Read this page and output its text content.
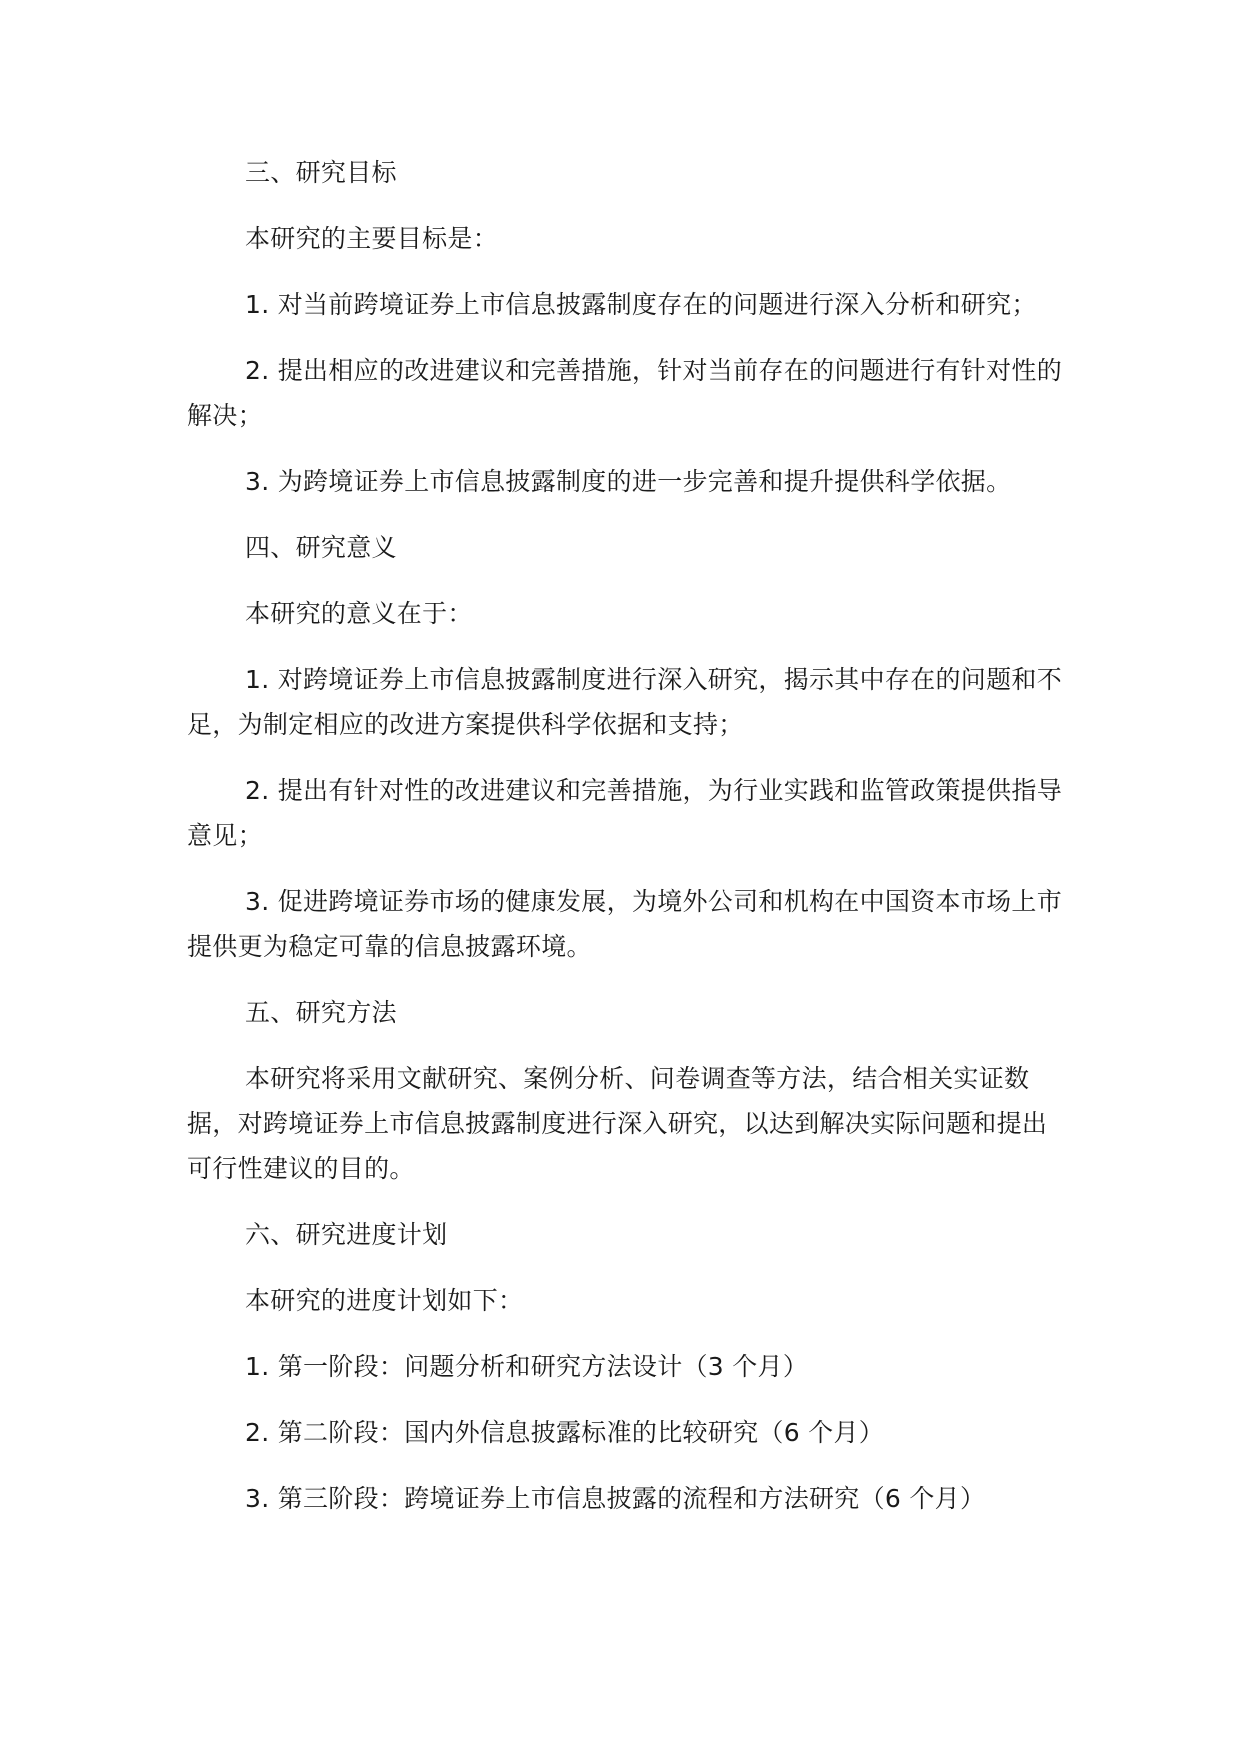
三、研究目标

本研究的主要目标是：

1. 对当前跨境证券上市信息披露制度存在的问题进行深入分析和研究；

2. 提出相应的改进建议和完善措施，针对当前存在的问题进行有针对性的解决；

3. 为跨境证券上市信息披露制度的进一步完善和提升提供科学依据。

四、研究意义

本研究的意义在于：

1. 对跨境证券上市信息披露制度进行深入研究，揭示其中存在的问题和不足，为制定相应的改进方案提供科学依据和支持；

2. 提出有针对性的改进建议和完善措施，为行业实践和监管政策提供指导意见；

3. 促进跨境证券市场的健康发展，为境外公司和机构在中国资本市场上市提供更为稳定可靠的信息披露环境。

五、研究方法

本研究将采用文献研究、案例分析、问卷调查等方法，结合相关实证数据，对跨境证券上市信息披露制度进行深入研究，以达到解决实际问题和提出可行性建议的目的。

六、研究进度计划

本研究的进度计划如下：

1. 第一阶段：问题分析和研究方法设计（3 个月）

2. 第二阶段：国内外信息披露标准的比较研究（6 个月）

3. 第三阶段：跨境证券上市信息披露的流程和方法研究（6 个月）
